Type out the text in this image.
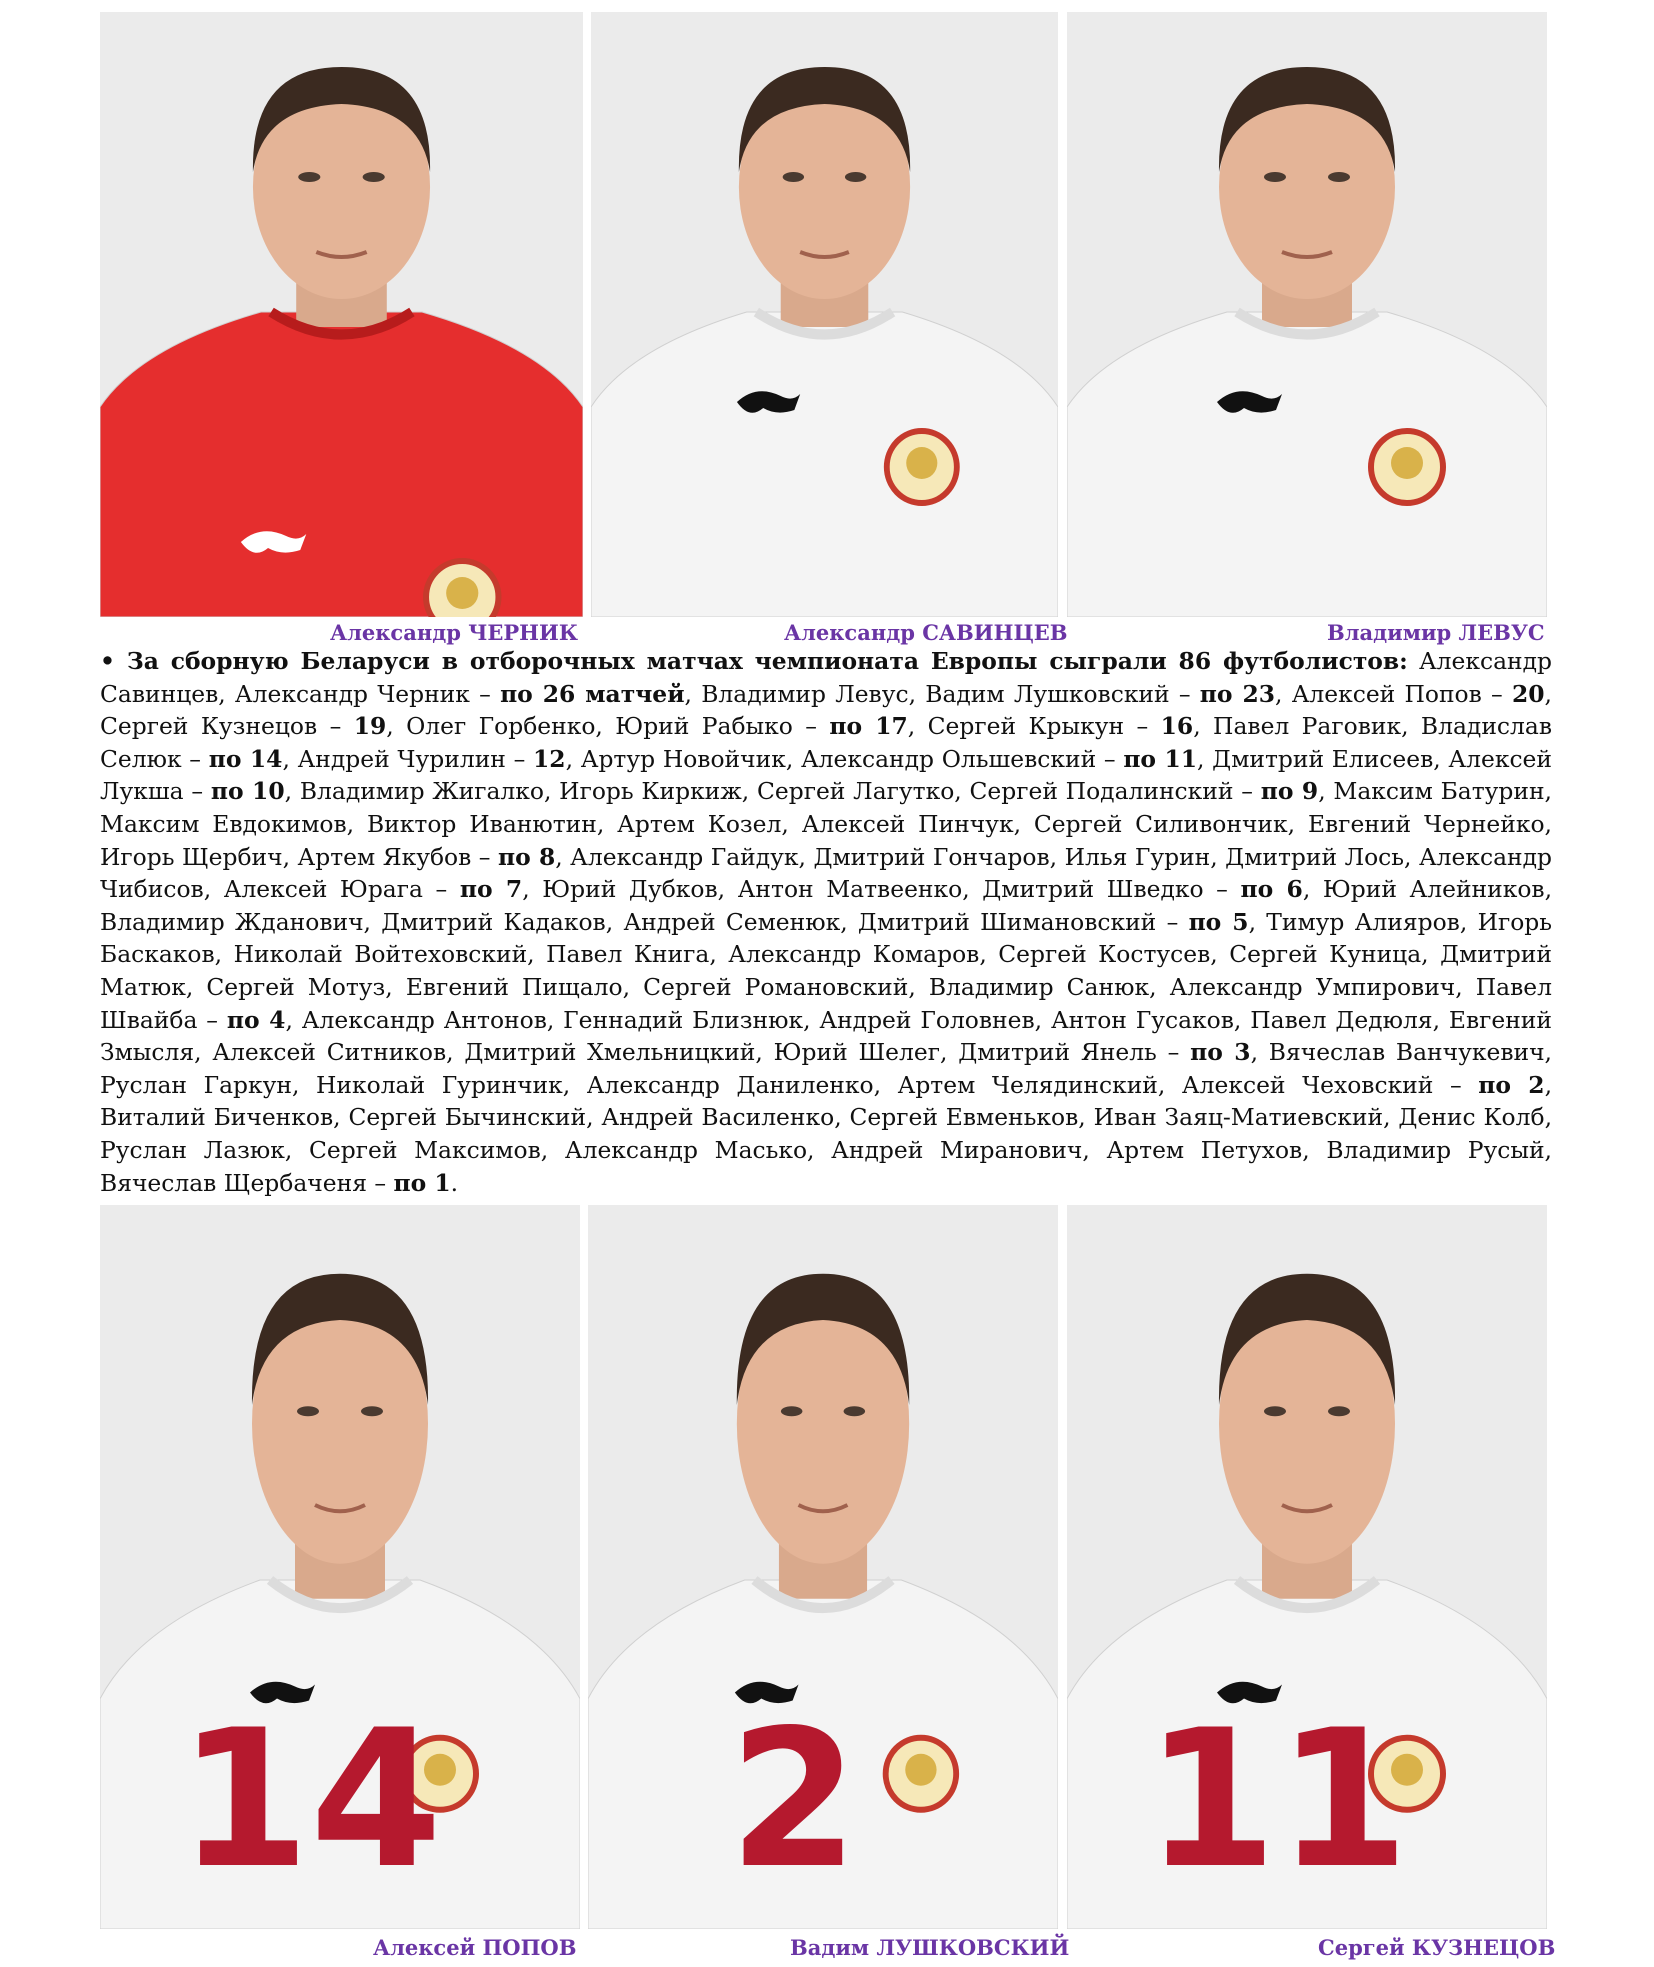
Александр ЧЕРНИК	Александр САВИНЦЕВ	Владимир ЛЕВУС
• За сборную Беларуси в отборочных матчах чемпионата Европы сыграли 86 футболистов: Александр Савинцев, Александр Черник – по 26 матчей, Владимир Левус, Вадим Лушковский – по 23, Алексей Попов – 20, Сергей Кузнецов – 19, Олег Горбенко, Юрий Рабыко – по 17, Сергей Крыкун – 16, Павел Раговик, Владислав Селюк – по 14, Андрей Чурилин – 12, Артур Новойчик, Александр Ольшевский – по 11, Дмитрий Елисеев, Алексей Лукша – по 10, Владимир Жигалко, Игорь Киркиж, Сергей Лагутко, Сергей Подалинский – по 9, Максим Батурин, Максим Евдокимов, Виктор Иванютин, Артем Козел, Алексей Пинчук, Сергей Силивончик, Евгений Чернейко, Игорь Щербич, Артем Якубов – по 8, Александр Гайдук, Дмитрий Гончаров, Илья Гурин, Дмитрий Лось, Александр Чибисов, Алексей Юрага – по 7, Юрий Дубков, Антон Матвеенко, Дмитрий Шведко – по 6, Юрий Алейников, Владимир Жданович, Дмитрий Кадаков, Андрей Семенюк, Дмитрий Шимановский – по 5, Тимур Алияров, Игорь Баскаков, Николай Войтеховский, Павел Книга, Александр Комаров, Сергей Костусев, Сергей Куница, Дмитрий Матюк, Сергей Мотуз, Евгений Пищало, Сергей Романовский, Владимир Санюк, Александр Умпирович, Павел Швайба – по 4, Александр Антонов, Геннадий Близнюк, Андрей Головнев, Антон Гусаков, Павел Дедюля, Евгений Змысля, Алексей Ситников, Дмитрий Хмельницкий, Юрий Шелег, Дмитрий Янель – по 3, Вячеслав Ванчукевич, Руслан Гаркун, Николай Гуринчик, Александр Даниленко, Артем Челядинский, Алексей Чеховский – по 2, Виталий Биченков, Сергей Бычинский, Андрей Василенко, Сергей Евменьков, Иван Заяц-Матиевский, Денис Колб, Руслан Лазюк, Сергей Максимов, Александр Масько, Андрей Миранович, Артем Петухов, Владимир Русый, Вячеслав Щербаченя – по 1.
14 2 11
Алексей ПОПОВ	Вадим ЛУШКОВСКИЙ	Сергей КУЗНЕЦОВ
